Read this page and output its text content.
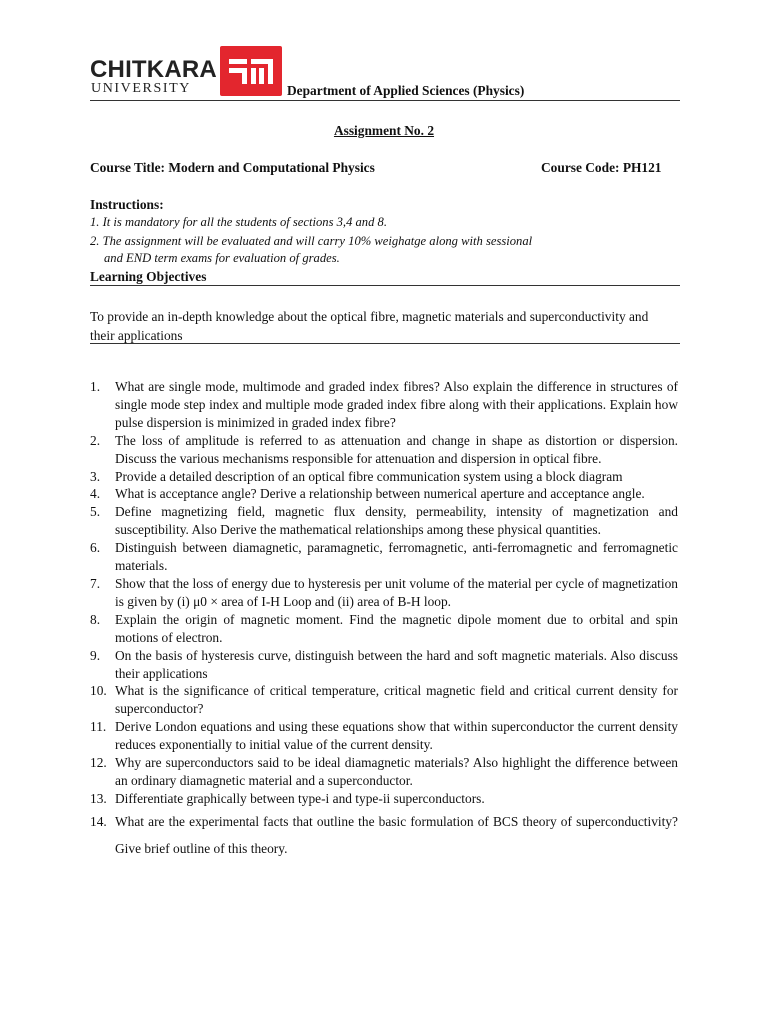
CHITKARA
UNIVERSITY	Department of Applied Sciences (Physics)
Assignment No. 2
Course Title: Modern and Computational Physics	Course Code: PH121
Instructions:
1. It is mandatory for all the students of sections 3,4 and 8.
2. The assignment will be evaluated and will carry 10% weighatge along with sessional
and END term exams for evaluation of grades.
Learning Objectives
To provide an in-depth knowledge about the optical fibre, magnetic materials and superconductivity and their applications
1. What are single mode, multimode and graded index fibres? Also explain the difference in structures of single mode step index and multiple mode graded index fibre along with their applications. Explain how pulse dispersion is minimized in graded index fibre?
2. The loss of amplitude is referred to as attenuation and change in shape as distortion or dispersion. Discuss the various mechanisms responsible for attenuation and dispersion in optical fibre.
3. Provide a detailed description of an optical fibre communication system using a block diagram
4. What is acceptance angle? Derive a relationship between numerical aperture and acceptance angle.
5. Define magnetizing field, magnetic flux density, permeability, intensity of magnetization and susceptibility. Also Derive the mathematical relationships among these physical quantities.
6. Distinguish between diamagnetic, paramagnetic, ferromagnetic, anti-ferromagnetic and ferromagnetic materials.
7. Show that the loss of energy due to hysteresis per unit volume of the material per cycle of magnetization is given by (i) μ0 × area of I-H Loop and (ii) area of B-H loop.
8. Explain the origin of magnetic moment. Find the magnetic dipole moment due to orbital and spin motions of electron.
9. On the basis of hysteresis curve, distinguish between the hard and soft magnetic materials. Also discuss their applications
10. What is the significance of critical temperature, critical magnetic field and critical current density for superconductor?
11. Derive London equations and using these equations show that within superconductor the current density reduces exponentially to initial value of the current density.
12. Why are superconductors said to be ideal diamagnetic materials? Also highlight the difference between an ordinary diamagnetic material and a superconductor.
13. Differentiate graphically between type-i and type-ii superconductors.
14. What are the experimental facts that outline the basic formulation of BCS theory of superconductivity? Give brief outline of this theory.
